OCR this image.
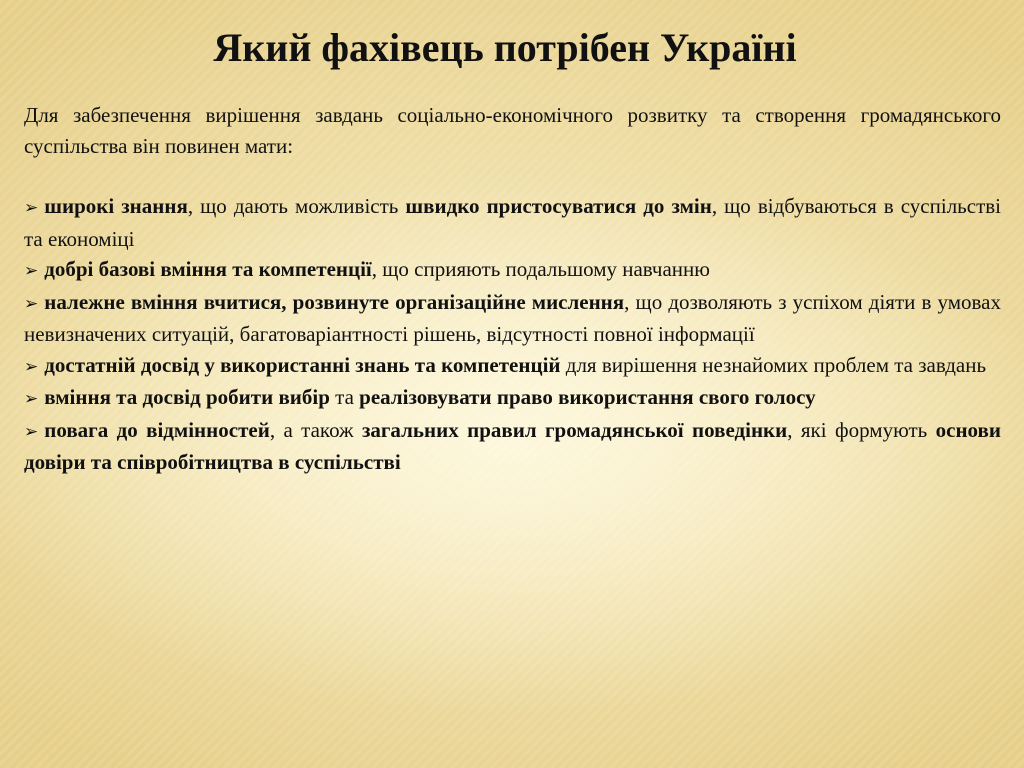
Який фахівець потрібен Україні

Для забезпечення вирішення завдань соціально-економічного розвитку та створення громадянського суспільства він повинен мати:

➢ широкі знання, що дають можливість швидко пристосуватися до змін, що відбуваються в суспільстві та економіці
➢ добрі базові вміння та компетенції, що сприяють подальшому навчанню
➢ належне вміння вчитися, розвинуте організаційне мислення, що дозволяють з успіхом діяти в умовах невизначених ситуацій, багатоваріантності рішень, відсутності повної інформації
➢ достатній досвід у використанні знань та компетенцій для вирішення незнайомих проблем та завдань
➢ вміння та досвід робити вибір та реалізовувати право використання свого голосу
➢ повага до відмінностей, а також загальних правил громадянської поведінки, які формують основи довіри та співробітництва в суспільстві
